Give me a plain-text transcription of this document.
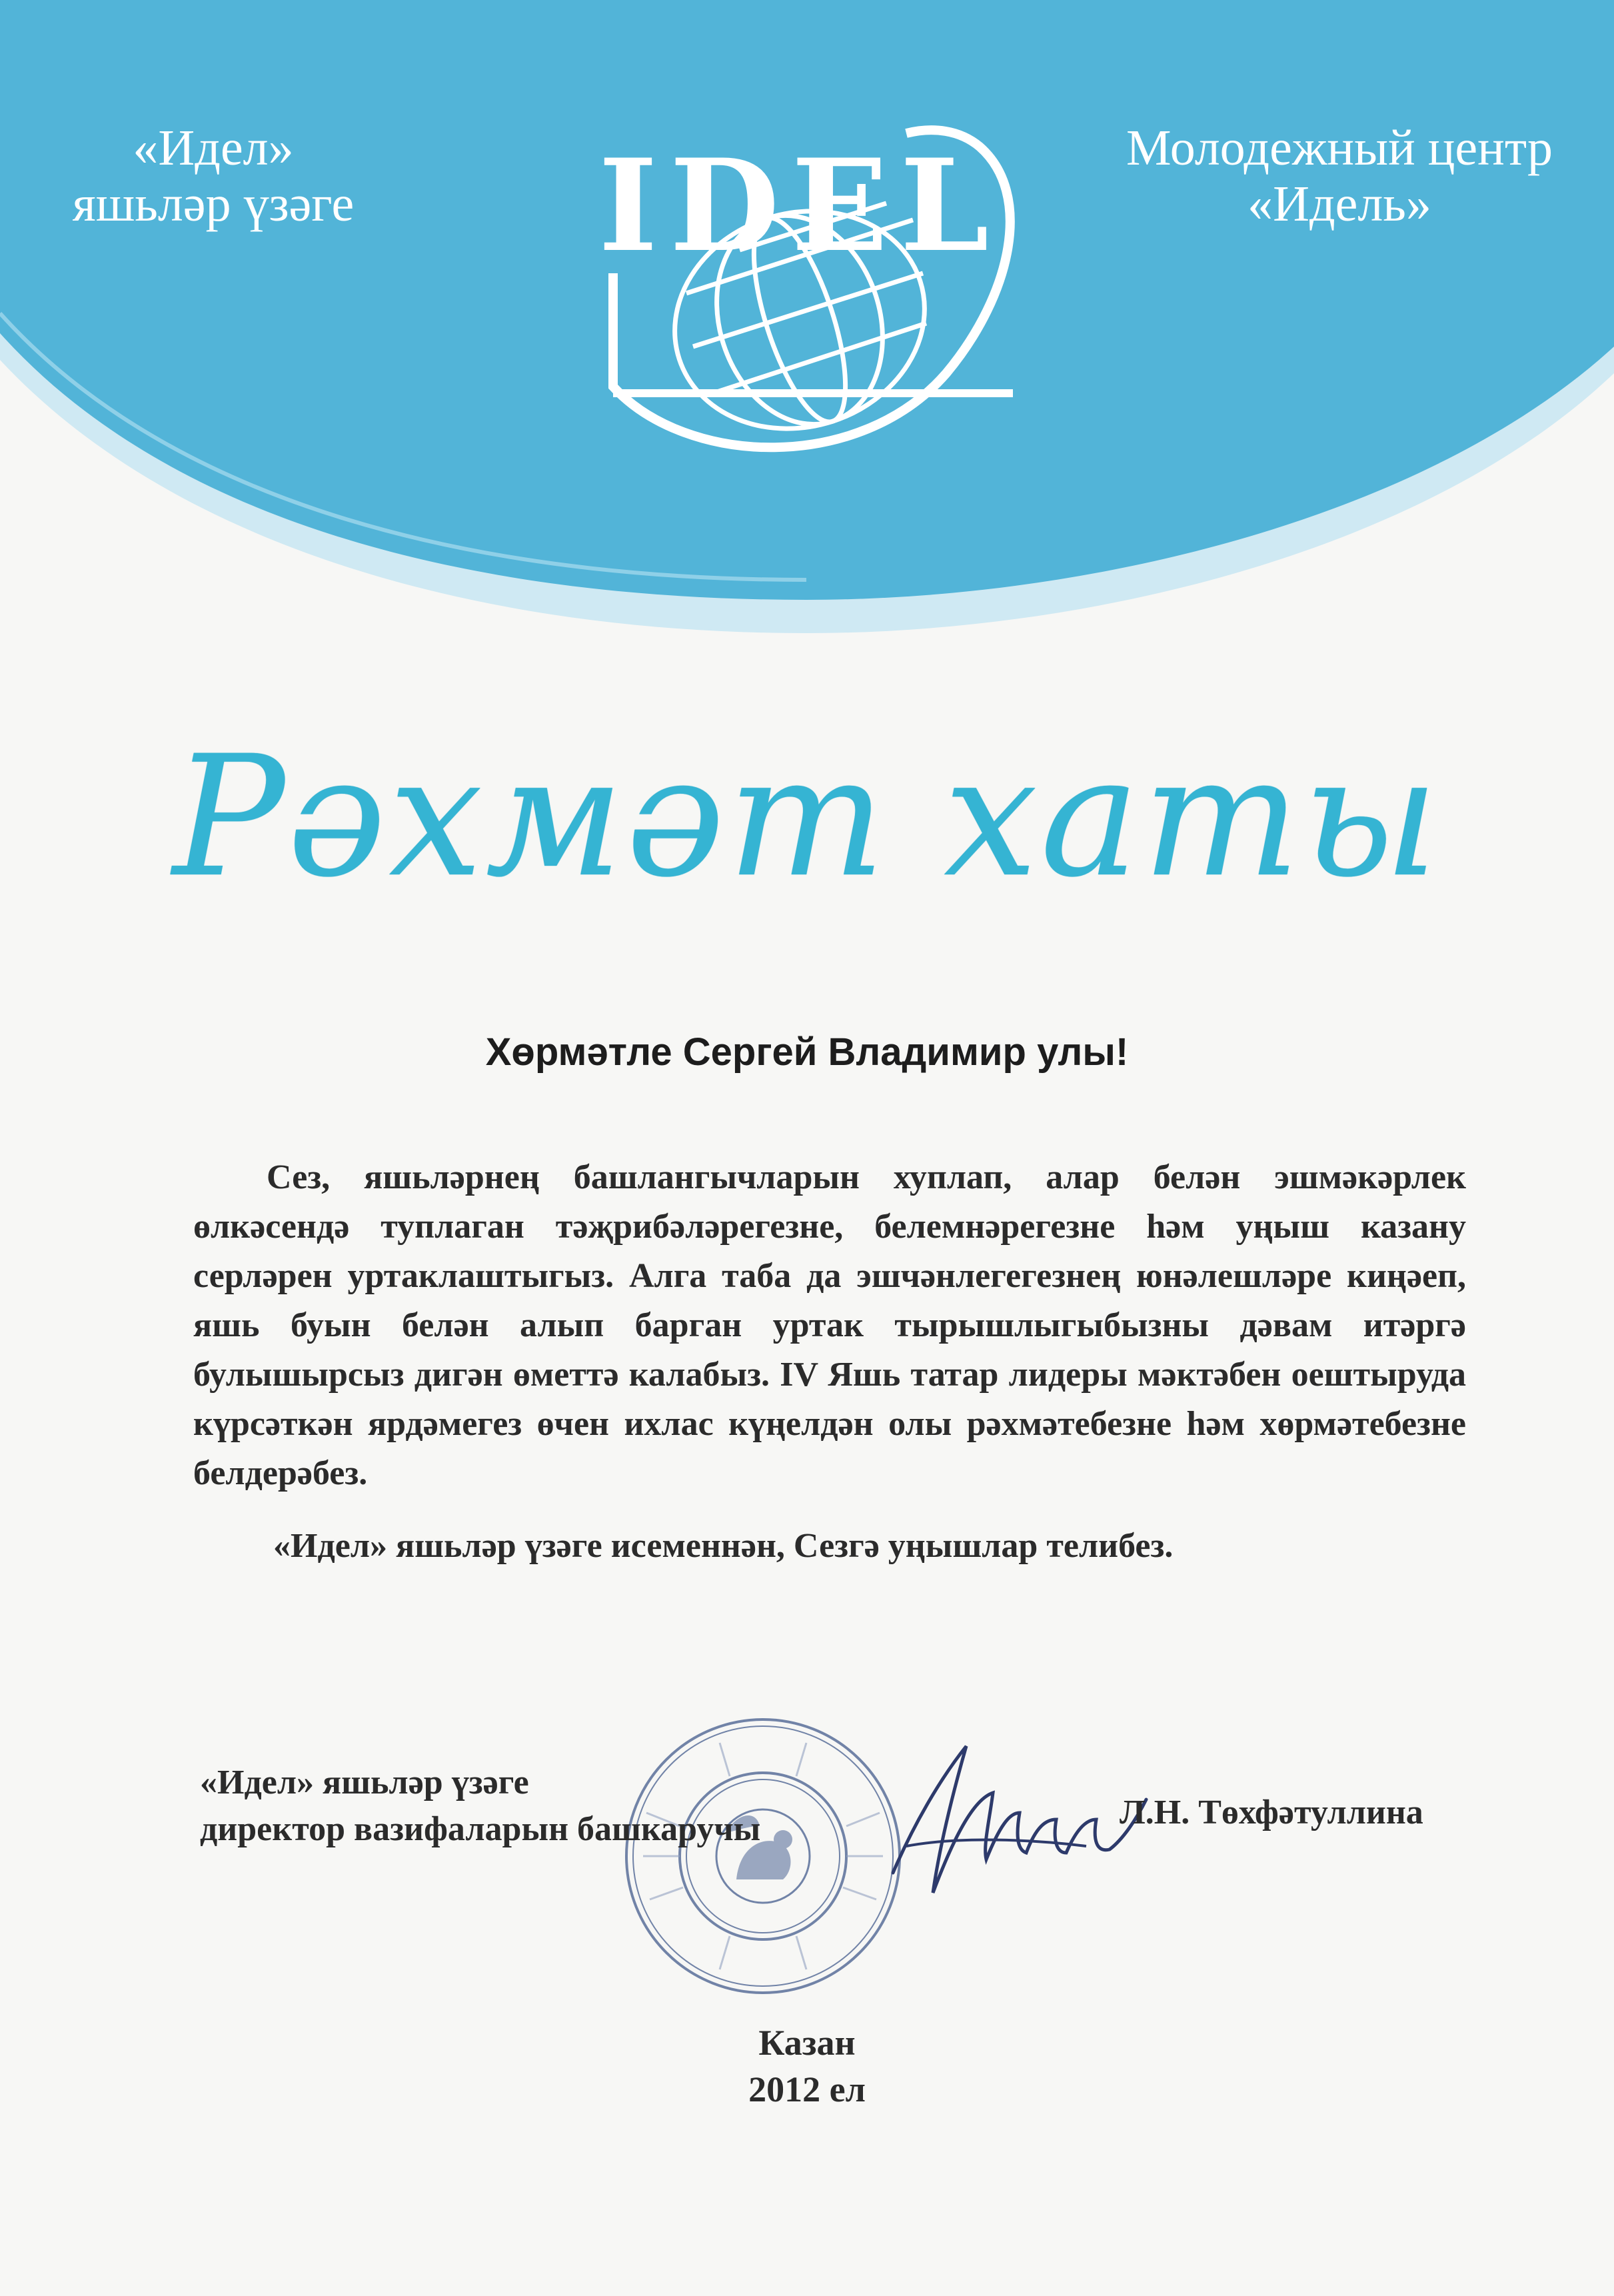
«Идел»
яшьләр үзәге
Молодежный центр
«Идель»
IDEL
Рәхмәт хаты
Хөрмәтле Сергей Владимир улы!

Сез, яшьләрнең башлангычларын хуплап, алар белән эшмәкәрлек өлкәсендә туплаган тәҗрибәләрегезне, белемнәрегезне һәм уңыш казану серләрен уртаклаштыгыз. Алга таба да эшчәнлегегезнең юнәлешләре киңәеп, яшь буын белән алып барган уртак тырышлыгыбызны дәвам итәргә булышырсыз дигән өметтә калабыз. IV Яшь татар лидеры мәктәбен оештыруда күрсәткән ярдәмегез өчен ихлас күңелдән олы рәхмәтебезне һәм хөрмәтебезне белдерәбез.

«Идел» яшьләр үзәге исеменнән, Сезгә уңышлар телибез.

«Идел» яшьләр үзәге
директор вазифаларын башкаручы	Л.Н. Төхфәтуллина
Казан
2012 ел
